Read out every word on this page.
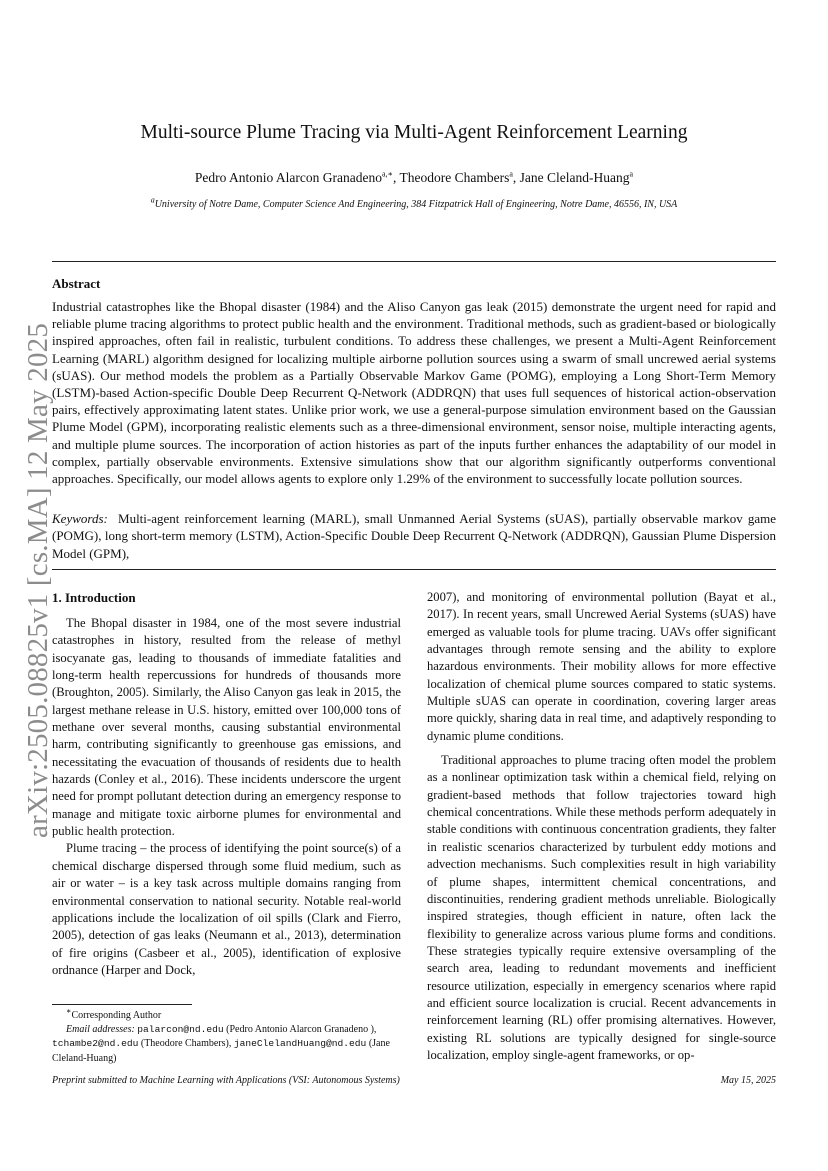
arXiv:2505.08825v1 [cs.MA] 12 May 2025
Multi-source Plume Tracing via Multi-Agent Reinforcement Learning
Pedro Antonio Alarcon Granadeno$^{a,∗}$, Theodore Chambers$^a$, Jane Cleland-Huang$^a$
$^a$University of Notre Dame, Computer Science And Engineering, 384 Fitzpatrick Hall of Engineering, Notre Dame, 46556, IN, USA
Abstract
Industrial catastrophes like the Bhopal disaster (1984) and the Aliso Canyon gas leak (2015) demonstrate the urgent need for rapid and reliable plume tracing algorithms to protect public health and the environment. Traditional methods, such as gradient-based or biologically inspired approaches, often fail in realistic, turbulent conditions. To address these challenges, we present a Multi-Agent Reinforcement Learning (MARL) algorithm designed for localizing multiple airborne pollution sources using a swarm of small uncrewed aerial systems (sUAS). Our method models the problem as a Partially Observable Markov Game (POMG), employing a Long Short-Term Memory (LSTM)-based Action-specific Double Deep Recurrent Q-Network (ADDRQN) that uses full sequences of historical action-observation pairs, effectively approximating latent states. Unlike prior work, we use a general-purpose simulation environment based on the Gaussian Plume Model (GPM), incorporating realistic elements such as a three-dimensional environment, sensor noise, multiple interacting agents, and multiple plume sources. The incorporation of action histories as part of the inputs further enhances the adaptability of our model in complex, partially observable environments. Extensive simulations show that our algorithm significantly outperforms conventional approaches. Specifically, our model allows agents to explore only 1.29% of the environment to successfully locate pollution sources.
Keywords: Multi-agent reinforcement learning (MARL), small Unmanned Aerial Systems (sUAS), partially observable markov game (POMG), long short-term memory (LSTM), Action-Specific Double Deep Recurrent Q-Network (ADDRQN), Gaussian Plume Dispersion Model (GPM),
1. Introduction

The Bhopal disaster in 1984, one of the most severe industrial catastrophes in history, resulted from the release of methyl isocyanate gas, leading to thousands of immediate fatalities and long-term health repercussions for hundreds of thousands more (Broughton, 2005). Similarly, the Aliso Canyon gas leak in 2015, the largest methane release in U.S. history, emitted over 100,000 tons of methane over several months, causing substantial environmental harm, contributing significantly to greenhouse gas emissions, and necessitating the evacuation of thousands of residents due to health hazards (Conley et al., 2016). These incidents underscore the urgent need for prompt pollutant detection during an emergency response to manage and mitigate toxic airborne plumes for environmental and public health protection.

Plume tracing – the process of identifying the point source(s) of a chemical discharge dispersed through some fluid medium, such as air or water – is a key task across multiple domains ranging from environmental conservation to national security. Notable real-world applications include the localization of oil spills (Clark and Fierro, 2005), detection of gas leaks (Neumann et al., 2013), determination of fire origins (Casbeer et al., 2005), identification of explosive ordnance (Harper and Dock,

2007), and monitoring of environmental pollution (Bayat et al., 2017). In recent years, small Uncrewed Aerial Systems (sUAS) have emerged as valuable tools for plume tracing. UAVs offer significant advantages through remote sensing and the ability to explore hazardous environments. Their mobility allows for more effective localization of chemical plume sources compared to static systems. Multiple sUAS can operate in coordination, covering larger areas more quickly, sharing data in real time, and adaptively responding to dynamic plume conditions.

Traditional approaches to plume tracing often model the problem as a nonlinear optimization task within a chemical field, relying on gradient-based methods that follow trajectories toward high chemical concentrations. While these methods perform adequately in stable conditions with continuous concentration gradients, they falter in realistic scenarios characterized by turbulent eddy motions and advection mechanisms. Such complexities result in high variability of plume shapes, intermittent chemical concentrations, and discontinuities, rendering gradient methods unreliable. Biologically inspired strategies, though efficient in nature, often lack the flexibility to generalize across various plume forms and conditions. These strategies typically require extensive oversampling of the search area, leading to redundant movements and inefficient resource utilization, especially in emergency scenarios where rapid and efficient source localization is crucial. Recent advancements in reinforcement learning (RL) offer promising alternatives. However, existing RL solutions are typically designed for single-source localization, employ single-agent frameworks, or op-

∗Corresponding Author

Email addresses: palarcon@nd.edu (Pedro Antonio Alarcon Granadeno ), tchambe2@nd.edu (Theodore Chambers), janeClelandHuang@nd.edu (Jane Cleland-Huang)

Preprint submitted to Machine Learning with Applications (VSI: Autonomous Systems)	May 15, 2025
